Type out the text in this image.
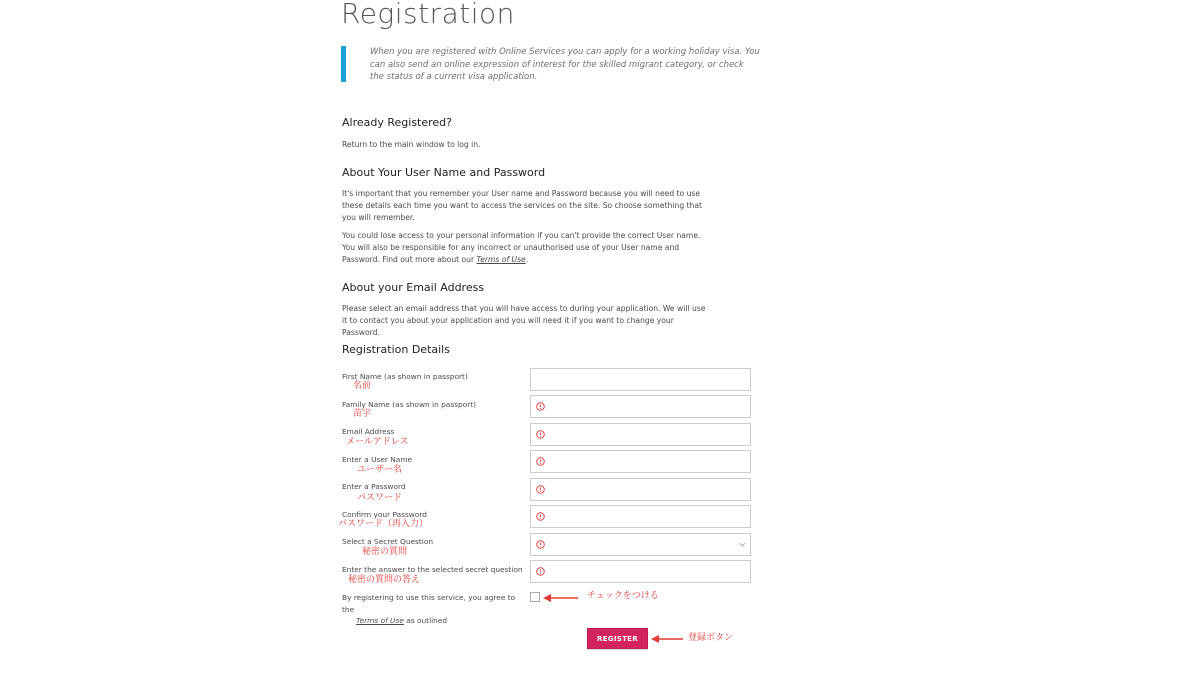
Registration
When you are registered with Online Services you can apply for a working holiday visa. You can also send an online expression of interest for the skilled migrant category, or check the status of a current visa application.
Already Registered?

Return to the main window to log in.

About Your User Name and Password

It's important that you remember your User name and Password because you will need to use these details each time you want to access the services on the site. So choose something that you will remember.

You could lose access to your personal information if you can't provide the correct User name. You will also be responsible for any incorrect or unauthorised use of your User name and Password. Find out more about our Terms of Use.

About your Email Address

Please select an email address that you will have access to during your application. We will use it to contact you about your application and you will need it if you want to change your Password.

Registration Details
First Name (as shown in passport)
名前
Family Name (as shown in passport)
苗字
Email Address
メールアドレス
Enter a User Name
ユーザー名
Enter a Password
パスワード
Confirm your Password
パスワード（再入力）
Select a Secret Question
秘密の質問
Enter the answer to the selected secret question
秘密の質問の答え
By registering to use this service, you agree to the
Terms of Use as outlined
チェックをつける
REGISTER	登録ボタン
